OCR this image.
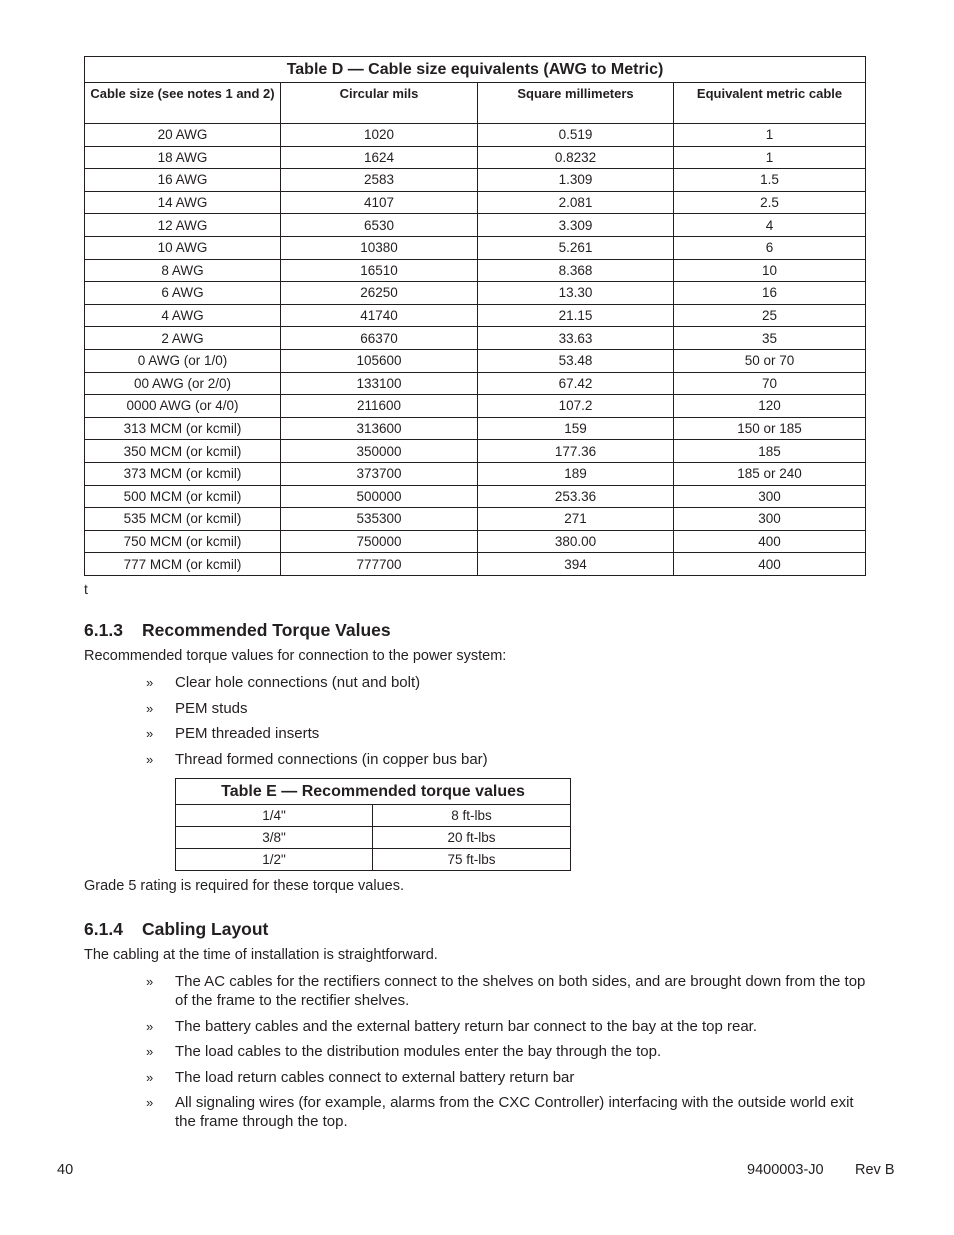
Table D — Cable size equivalents (AWG to Metric)			
Cable size (see notes 1 and 2)	Circular mils	Square millimeters	Equivalent metric cable
20 AWG	1020	0.519	1
18 AWG	1624	0.8232	1
16 AWG	2583	1.309	1.5
14 AWG	4107	2.081	2.5
12 AWG	6530	3.309	4
10 AWG	10380	5.261	6
8 AWG	16510	8.368	10
6 AWG	26250	13.30	16
4 AWG	41740	21.15	25
2 AWG	66370	33.63	35
0 AWG (or 1/0)	105600	53.48	50 or 70
00 AWG (or 2/0)	133100	67.42	70
0000 AWG (or 4/0)	211600	107.2	120
313 MCM (or kcmil)	313600	159	150 or 185
350 MCM (or kcmil)	350000	177.36	185
373 MCM (or kcmil)	373700	189	185 or 240
500 MCM (or kcmil)	500000	253.36	300
535 MCM (or kcmil)	535300	271	300
750 MCM (or kcmil)	750000	380.00	400
777 MCM (or kcmil)	777700	394	400
t
6.1.3 Recommended Torque Values

Recommended torque values for connection to the power system:

» Clear hole connections (nut and bolt)
» PEM studs
» PEM threaded inserts
» Thread formed connections (in copper bus bar)
Table E — Recommended torque values	
1/4"	8 ft-lbs
3/8"	20 ft-lbs
1/2"	75 ft-lbs

Grade 5 rating is required for these torque values.

6.1.4 Cabling Layout

The cabling at the time of installation is straightforward.

» The AC cables for the rectifiers connect to the shelves on both sides, and are brought down from the top of the frame to the rectifier shelves.
» The battery cables and the external battery return bar connect to the bay at the top rear.
» The load cables to the distribution modules enter the bay through the top.
» The load return cables connect to external battery return bar
» All signaling wires (for example, alarms from the CXC Controller) interfacing with the outside world exit the frame through the top.
40	9400003-J0 Rev B
